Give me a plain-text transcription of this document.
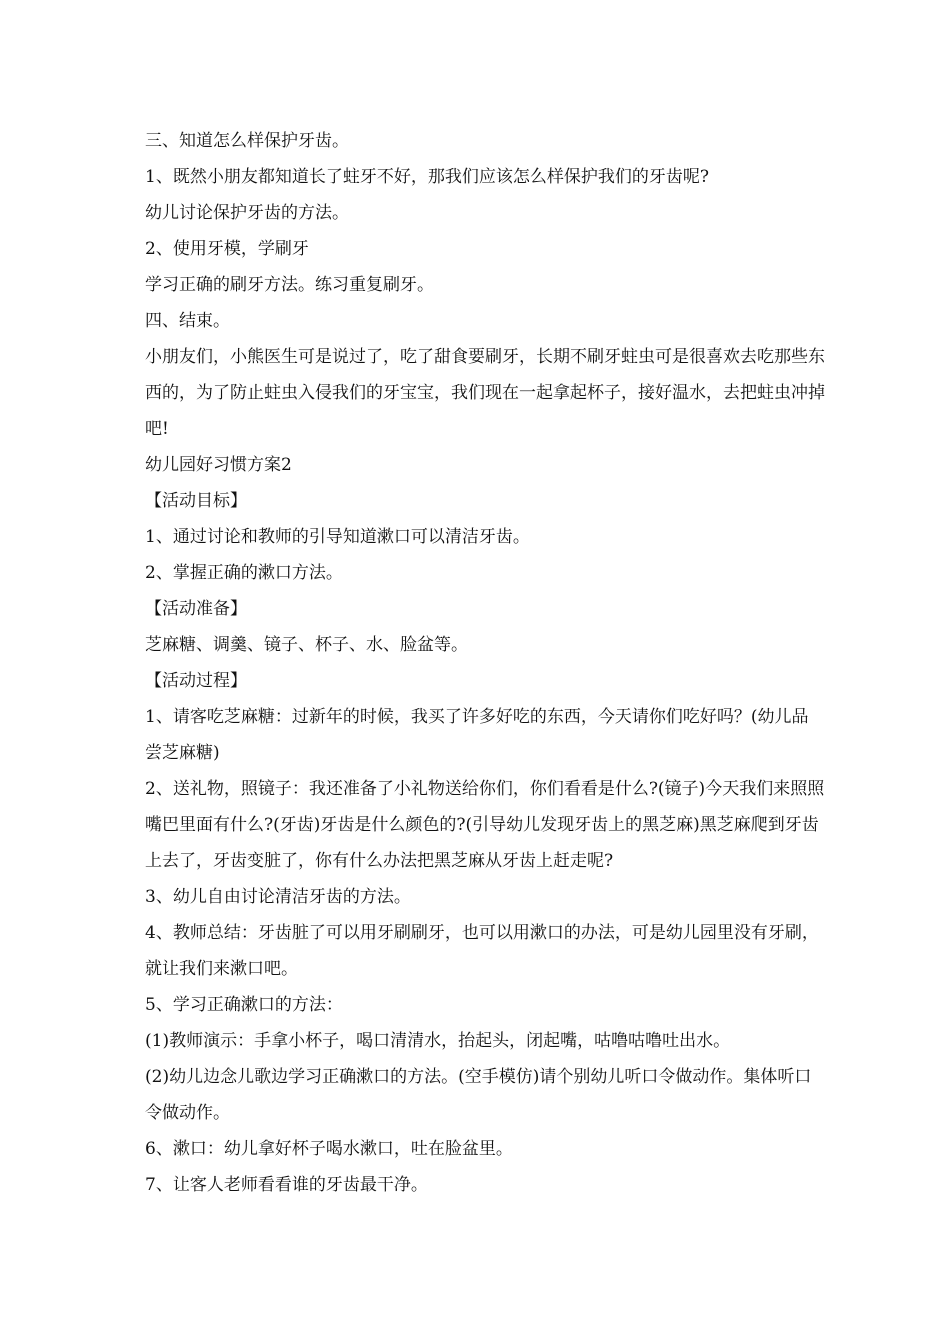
三、知道怎么样保护牙齿。

1、既然小朋友都知道长了蛀牙不好，那我们应该怎么样保护我们的牙齿呢?

幼儿讨论保护牙齿的方法。

2、使用牙模，学刷牙

学习正确的刷牙方法。练习重复刷牙。

四、结束。

小朋友们，小熊医生可是说过了，吃了甜食要刷牙，长期不刷牙蛀虫可是很喜欢去吃那些东西的，为了防止蛀虫入侵我们的牙宝宝，我们现在一起拿起杯子，接好温水，去把蛀虫冲掉吧!

幼儿园好习惯方案2

【活动目标】

1、通过讨论和教师的引导知道漱口可以清洁牙齿。

2、掌握正确的漱口方法。

【活动准备】

芝麻糖、调羹、镜子、杯子、水、脸盆等。

【活动过程】

1、请客吃芝麻糖：过新年的时候，我买了许多好吃的东西，今天请你们吃好吗？(幼儿品尝芝麻糖)

2、送礼物，照镜子：我还准备了小礼物送给你们，你们看看是什么?(镜子)今天我们来照照嘴巴里面有什么?(牙齿)牙齿是什么颜色的?(引导幼儿发现牙齿上的黑芝麻)黑芝麻爬到牙齿上去了，牙齿变脏了，你有什么办法把黑芝麻从牙齿上赶走呢?

3、幼儿自由讨论清洁牙齿的方法。

4、教师总结：牙齿脏了可以用牙刷刷牙，也可以用漱口的办法，可是幼儿园里没有牙刷，就让我们来漱口吧。

5、学习正确漱口的方法：

(1)教师演示：手拿小杯子，喝口清清水，抬起头，闭起嘴，咕噜咕噜吐出水。

(2)幼儿边念儿歌边学习正确漱口的方法。(空手模仿)请个别幼儿听口令做动作。集体听口令做动作。

6、漱口：幼儿拿好杯子喝水漱口，吐在脸盆里。

7、让客人老师看看谁的牙齿最干净。
